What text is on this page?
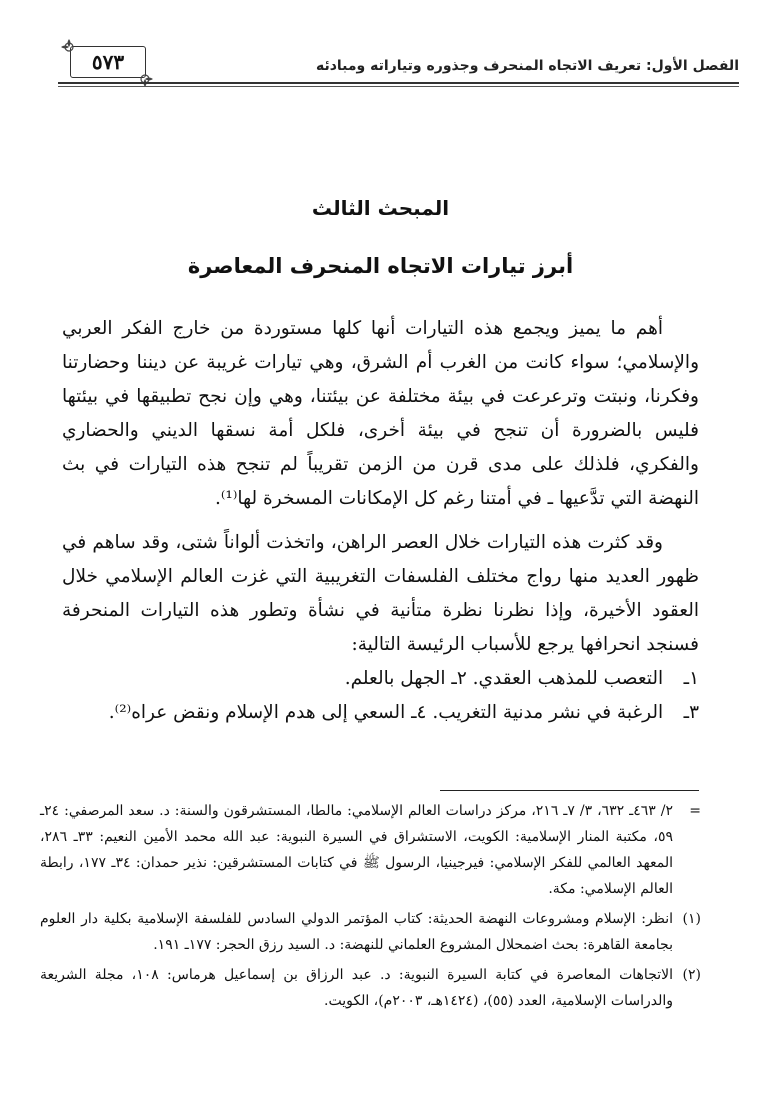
الفصل الأول: تعريف الاتجاه المنحرف وجذوره وتياراته ومبادئه
٥٧٣
المبحث الثالث
أبرز تيارات الاتجاه المنحرف المعاصرة

أهم ما يميز ويجمع هذه التيارات أنها كلها مستوردة من خارج الفكر العربي والإسلامي؛ سواء كانت من الغرب أم الشرق، وهي تيارات غريبة عن ديننا وحضارتنا وفكرنا، ونبتت وترعرعت في بيئة مختلفة عن بيئتنا، وهي وإن نجح تطبيقها في بيئتها فليس بالضرورة أن تنجح في بيئة أخرى، فلكل أمة نسقها الديني والحضاري والفكري، فلذلك على مدى قرن من الزمن تقريباً لم تنجح هذه التيارات في بث النهضة التي تدَّعيها ـ في أمتنا رغم كل الإمكانات المسخرة لها⁽¹⁾.

وقد كثرت هذه التيارات خلال العصر الراهن، واتخذت ألواناً شتى، وقد ساهم في ظهور العديد منها رواج مختلف الفلسفات التغريبية التي غزت العالم الإسلامي خلال العقود الأخيرة، وإذا نظرنا نظرة متأنية في نشأة وتطور هذه التيارات المنحرفة فسنجد انحرافها يرجع للأسباب الرئيسة التالية:

١ـ التعصب للمذهب العقدي. ٢ـ الجهل بالعلم.
٣ـ الرغبة في نشر مدنية التغريب. ٤ـ السعي إلى هدم الإسلام ونقض عراه⁽²⁾.
=
٢/ ٤٦٣ـ ٦٣٢، ٣/ ٧ـ ٢١٦، مركز دراسات العالم الإسلامي: مالطا، المستشرقون والسنة: د. سعد المرصفي: ٢٤ـ ٥٩، مكتبة المنار الإسلامية: الكويت، الاستشراق في السيرة النبوية: عبد الله محمد الأمين النعيم: ٣٣ـ ٢٨٦، المعهد العالمي للفكر الإسلامي: فيرجينيا، الرسول ﷺ في كتابات المستشرقين: نذير حمدان: ٣٤ـ ١٧٧، رابطة العالم الإسلامي: مكة.
(١)
انظر: الإسلام ومشروعات النهضة الحديثة: كتاب المؤتمر الدولي السادس للفلسفة الإسلامية بكلية دار العلوم بجامعة القاهرة: بحث اضمحلال المشروع العلماني للنهضة: د. السيد رزق الحجر: ١٧٧ـ ١٩١.
(٢)
الاتجاهات المعاصرة في كتابة السيرة النبوية: د. عبد الرزاق بن إسماعيل هرماس: ١٠٨، مجلة الشريعة والدراسات الإسلامية، العدد (٥٥)، (١٤٢٤هـ، ٢٠٠٣م)، الكويت.
